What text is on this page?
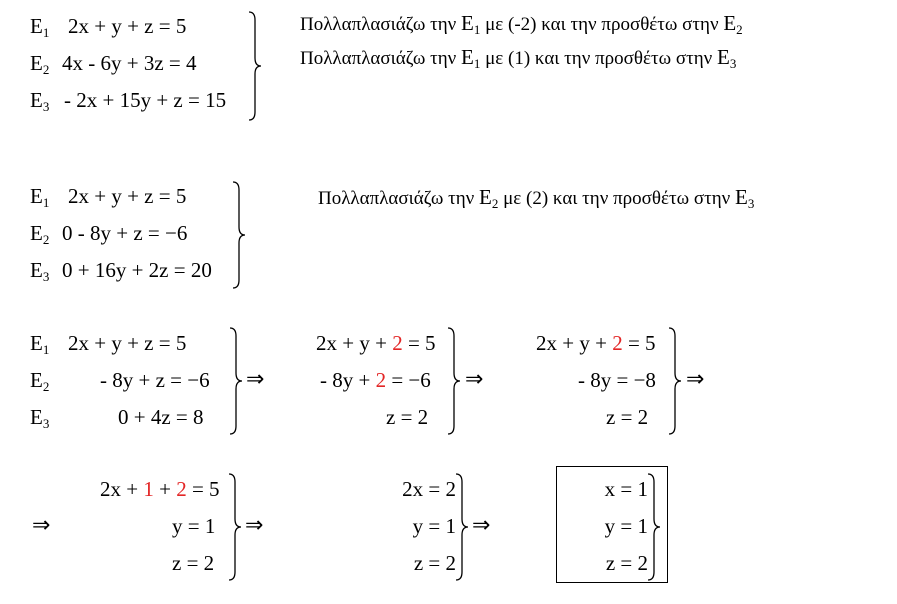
$E_1$
$E_2$
$E_3$
2x + y + z = 5
4x - 6y + 3z = 4
- 2x + 15y + z = 15
Πολλαπλασιάζω την $E_1$ με (-2) και την προσθέτω στην $E_2$
Πολλαπλασιάζω την $E_1$ με (1) και την προσθέτω στην $E_3$
$E_1$
$E_2$
$E_3$
2x + y + z = 5
0 - 8y + z = −6
0 + 16y + 2z = 20
Πολλαπλασιάζω την $E_2$ με (2) και την προσθέτω στην $E_3$
$E_1$
$E_2$
$E_3$
2x + y + z = 5
- 8y + z = −6
0 + 4z = 8
⇒
2x + y + 2 = 5
- 8y + 2 = −6
z = 2
⇒
2x + y + 2 = 5
- 8y = −8
z = 2
⇒
⇒
2x + 1 + 2 = 5
y = 1
z = 2
⇒
2x = 2
y = 1
z = 2
⇒
x = 1
y = 1
z = 2
